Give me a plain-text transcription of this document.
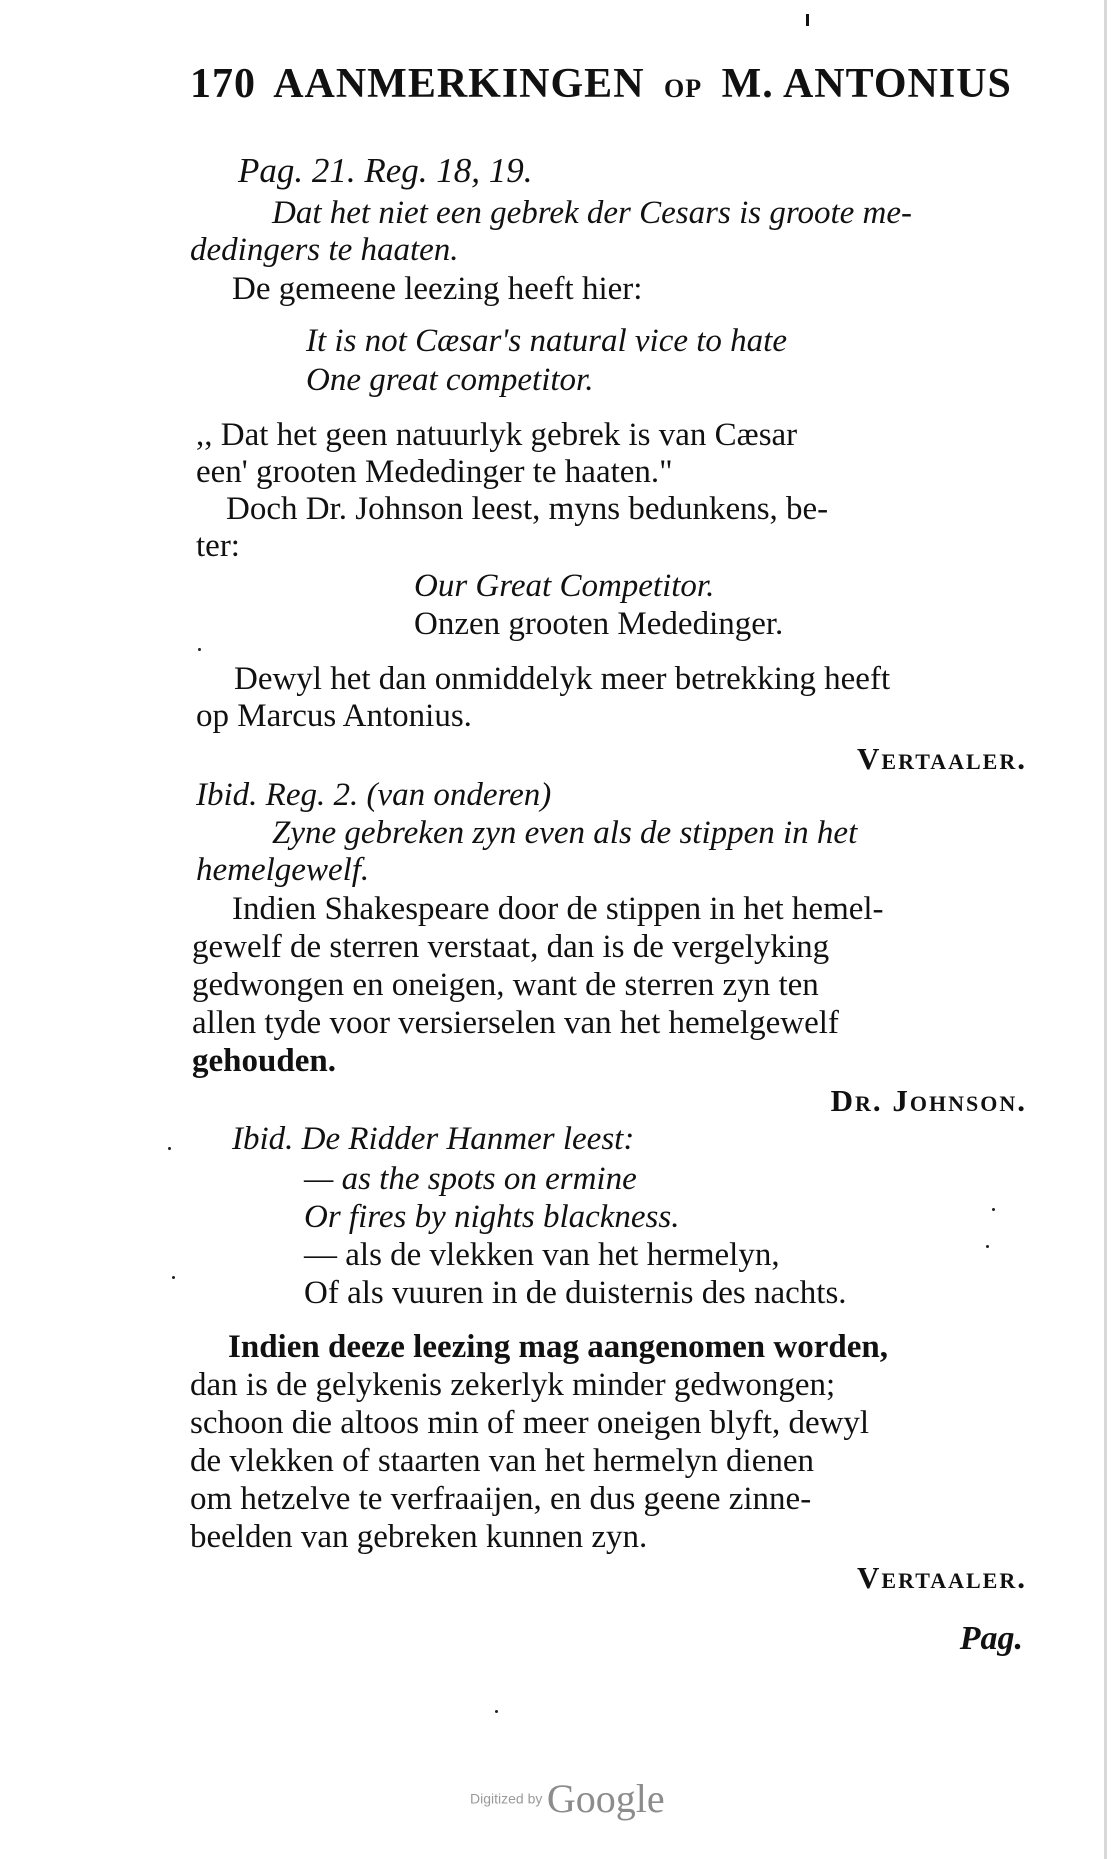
170 AANMERKINGEN OP M. ANTONIUS
Pag. 21. Reg. 18, 19.
Dat het niet een gebrek der Cesars is groote me-
dedingers te haaten.
De gemeene leezing heeft hier:
It is not Cæsar's natural vice to hate
One great competitor.
,, Dat het geen natuurlyk gebrek is van Cæsar
een' grooten Mededinger te haaten."
Doch Dr. Johnson leest, myns bedunkens, be-
ter:
Our Great Competitor.
Onzen grooten Mededinger.
Dewyl het dan onmiddelyk meer betrekking heeft
op Marcus Antonius.
Vertaaler.
Ibid. Reg. 2. (van onderen)
Zyne gebreken zyn even als de stippen in het
hemelgewelf.
Indien Shakespeare door de stippen in het hemel-
gewelf de sterren verstaat, dan is de vergelyking
gedwongen en oneigen, want de sterren zyn ten
allen tyde voor versierselen van het hemelgewelf
gehouden.
Dr. Johnson.
Ibid. De Ridder Hanmer leest:
— as the spots on ermine
Or fires by nights blackness.
— als de vlekken van het hermelyn,
Of als vuuren in de duisternis des nachts.
Indien deeze leezing mag aangenomen worden,
dan is de gelykenis zekerlyk minder gedwongen;
schoon die altoos min of meer oneigen blyft, dewyl
de vlekken of staarten van het hermelyn dienen
om hetzelve te verfraaijen, en dus geene zinne-
beelden van gebreken kunnen zyn.
Vertaaler.
Pag.
Digitized by Google
